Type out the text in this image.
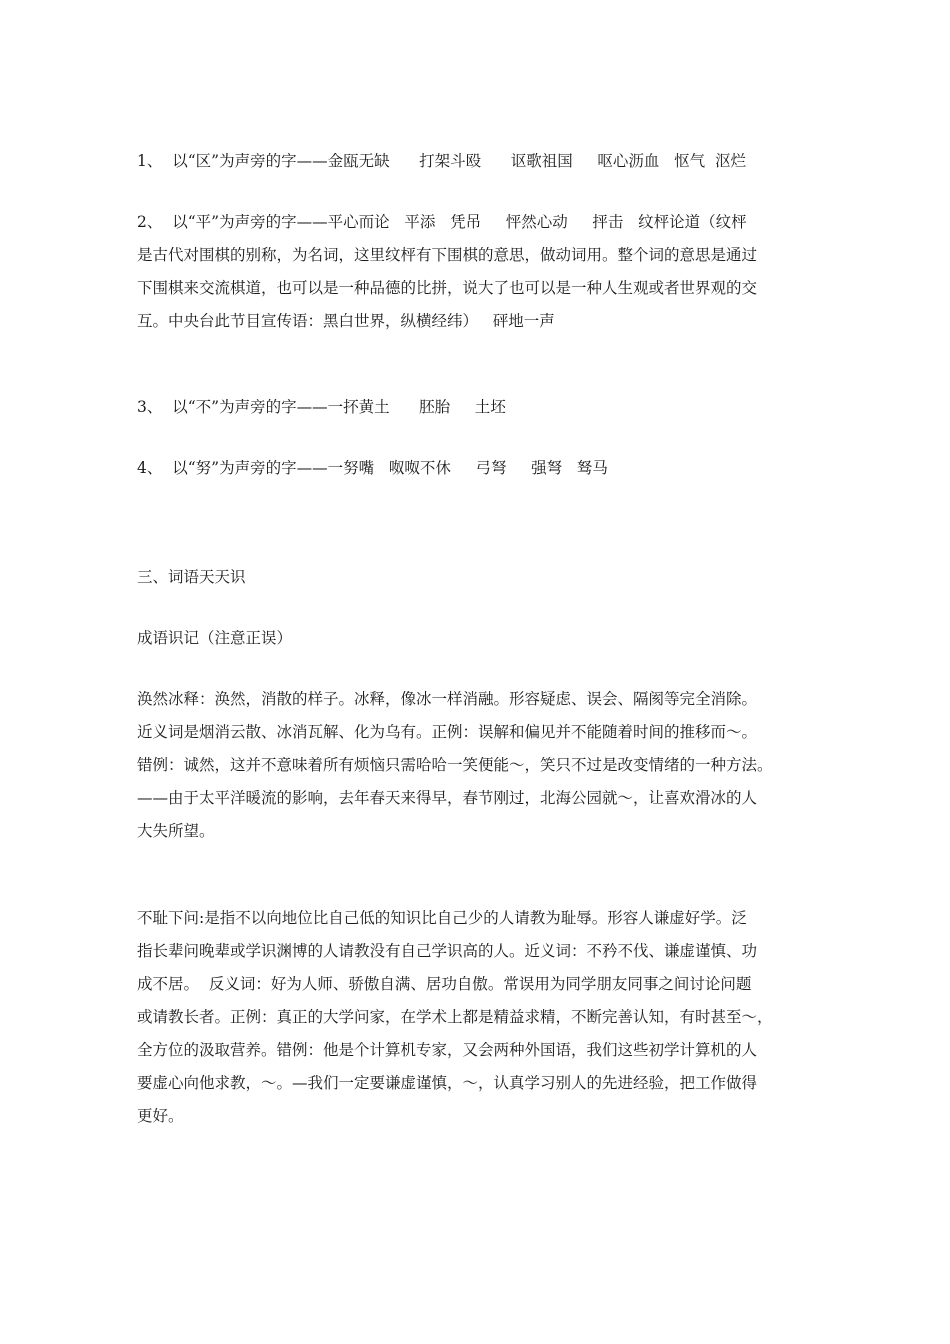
1、  以“区”为声旁的字——金瓯无缺      打架斗殴      讴歌祖国     呕心沥血   怄气  沤烂
2、  以“平”为声旁的字——平心而论   平添   凭吊     怦然心动     抨击   纹枰论道（纹枰
是古代对围棋的别称，为名词，这里纹枰有下围棋的意思，做动词用。整个词的意思是通过
下围棋来交流棋道，也可以是一种品德的比拼，说大了也可以是一种人生观或者世界观的交
互。中央台此节目宣传语：黑白世界，纵横经纬）   砰地一声
3、  以“不”为声旁的字——一抔黄土      胚胎     土坯
4、  以“努”为声旁的字——一努嘴   呶呶不休     弓弩     强弩   驽马
三、词语天天识
成语识记（注意正误）
涣然冰释：涣然，消散的样子。冰释，像冰一样消融。形容疑虑、误会、隔阂等完全消除。
近义词是烟消云散、冰消瓦解、化为乌有。正例：误解和偏见并不能随着时间的推移而～。
错例：诚然，这并不意味着所有烦恼只需哈哈一笑便能～，笑只不过是改变情绪的一种方法。
——由于太平洋暖流的影响，去年春天来得早，春节刚过，北海公园就～，让喜欢滑冰的人
大失所望。
不耻下问:是指不以向地位比自己低的知识比自己少的人请教为耻辱。形容人谦虚好学。泛
指长辈问晚辈或学识渊博的人请教没有自己学识高的人。近义词：不矜不伐、谦虚谨慎、功
成不居。  反义词：好为人师、骄傲自满、居功自傲。常误用为同学朋友同事之间讨论问题
或请教长者。正例：真正的大学问家，在学术上都是精益求精，不断完善认知，有时甚至～，
全方位的汲取营养。错例：他是个计算机专家，又会两种外国语，我们这些初学计算机的人
要虚心向他求教，～。—我们一定要谦虚谨慎，～，认真学习别人的先进经验，把工作做得
更好。
